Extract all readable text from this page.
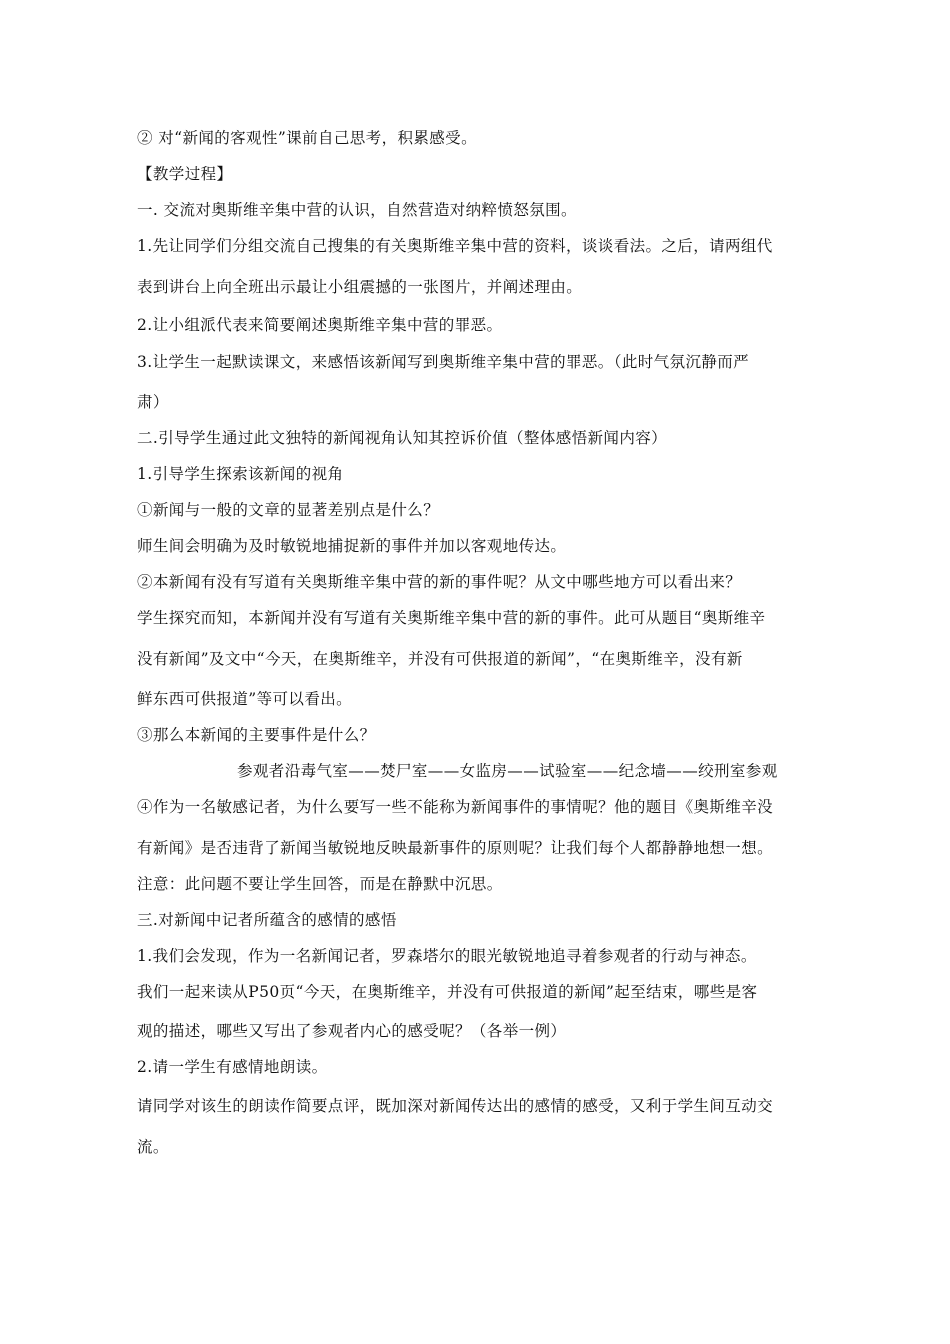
② 对“新闻的客观性”课前自己思考，积累感受。
【教学过程】
一. 交流对奥斯维辛集中营的认识，自然营造对纳粹愤怒氛围。
1.先让同学们分组交流自己搜集的有关奥斯维辛集中营的资料，谈谈看法。之后，请两组代
表到讲台上向全班出示最让小组震撼的一张图片，并阐述理由。
2.让小组派代表来简要阐述奥斯维辛集中营的罪恶。
3.让学生一起默读课文，来感悟该新闻写到奥斯维辛集中营的罪恶。（此时气氛沉静而严
肃）
二.引导学生通过此文独特的新闻视角认知其控诉价值（整体感悟新闻内容）
1.引导学生探索该新闻的视角
①新闻与一般的文章的显著差别点是什么？
师生间会明确为及时敏锐地捕捉新的事件并加以客观地传达。
②本新闻有没有写道有关奥斯维辛集中营的新的事件呢？从文中哪些地方可以看出来？
学生探究而知，本新闻并没有写道有关奥斯维辛集中营的新的事件。此可从题目“奥斯维辛
没有新闻”及文中“今天，在奥斯维辛，并没有可供报道的新闻”，“在奥斯维辛，没有新
鲜东西可供报道”等可以看出。
③那么本新闻的主要事件是什么？
参观者沿毒气室——焚尸室——女监房——试验室——纪念墙——绞刑室参观
④作为一名敏感记者，为什么要写一些不能称为新闻事件的事情呢？他的题目《奥斯维辛没
有新闻》是否违背了新闻当敏锐地反映最新事件的原则呢？让我们每个人都静静地想一想。
注意：此问题不要让学生回答，而是在静默中沉思。
三.对新闻中记者所蕴含的感情的感悟
1.我们会发现，作为一名新闻记者，罗森塔尔的眼光敏锐地追寻着参观者的行动与神态。
我们一起来读从P50页“今天，在奥斯维辛，并没有可供报道的新闻”起至结束，哪些是客
观的描述，哪些又写出了参观者内心的感受呢？（各举一例）
2.请一学生有感情地朗读。
请同学对该生的朗读作简要点评，既加深对新闻传达出的感情的感受，又利于学生间互动交
流。
